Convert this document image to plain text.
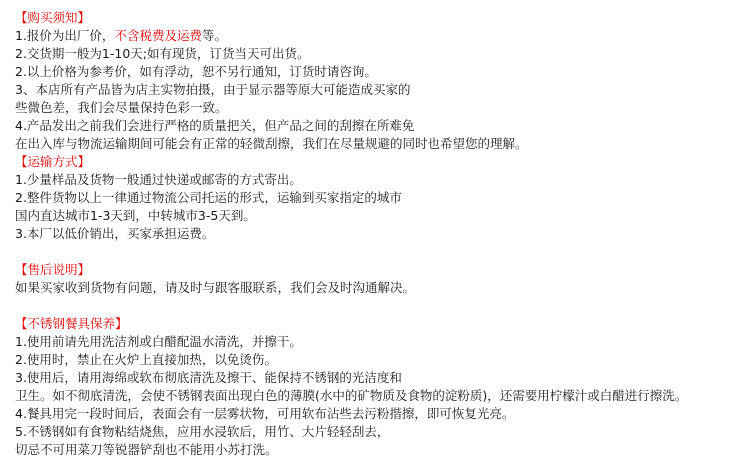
【购买须知】
1.报价为出厂价，不含税费及运费等。
2.交货期一般为1-10天;如有现货，订货当天可出货。
2.以上价格为参考价，如有浮动，恕不另行通知，订货时请咨询。
3、本店所有产品皆为店主实物拍摄，由于显示器等原大可能造成买家的
些微色差，我们会尽量保持色彩一致。
4.产品发出之前我们会进行严格的质量把关，但产品之间的刮擦在所难免
在出入库与物流运输期间可能会有正常的轻微刮擦，我们在尽量规避的同时也希望您的理解。
【运输方式】
1.少量样品及货物一般通过快递或邮寄的方式寄出。
2.整件货物以上一律通过物流公司托运的形式，运输到买家指定的城市
国内直达城市1-3天到，中转城市3-5天到。
3.本厂以低价销出，买家承担运费。
【售后说明】
如果买家收到货物有问题，请及时与跟客服联系，我们会及时沟通解决。
【不锈钢餐具保养】
1.使用前请先用洗洁剂或白醋配温水清洗，并擦干。
2.使用时，禁止在火炉上直接加热，以免烫伤。
3.使用后，请用海绵或软布彻底清洗及擦干、能保持不锈钢的光洁度和
卫生。如不彻底清洗，会使不锈钢表面出现白色的薄膜(水中的矿物质及食物的淀粉质)，还需要用柠檬汁或白醋进行擦洗。
4.餐具用完一段时间后，表面会有一层雾状物，可用软布沾些去污粉揩擦，即可恢复光亮。
5.不锈钢如有食物粘结烧焦，应用水浸软后，用竹、大片轻轻刮去，
切忌不可用菜刀等锐器铲刮也不能用小苏打洗。
